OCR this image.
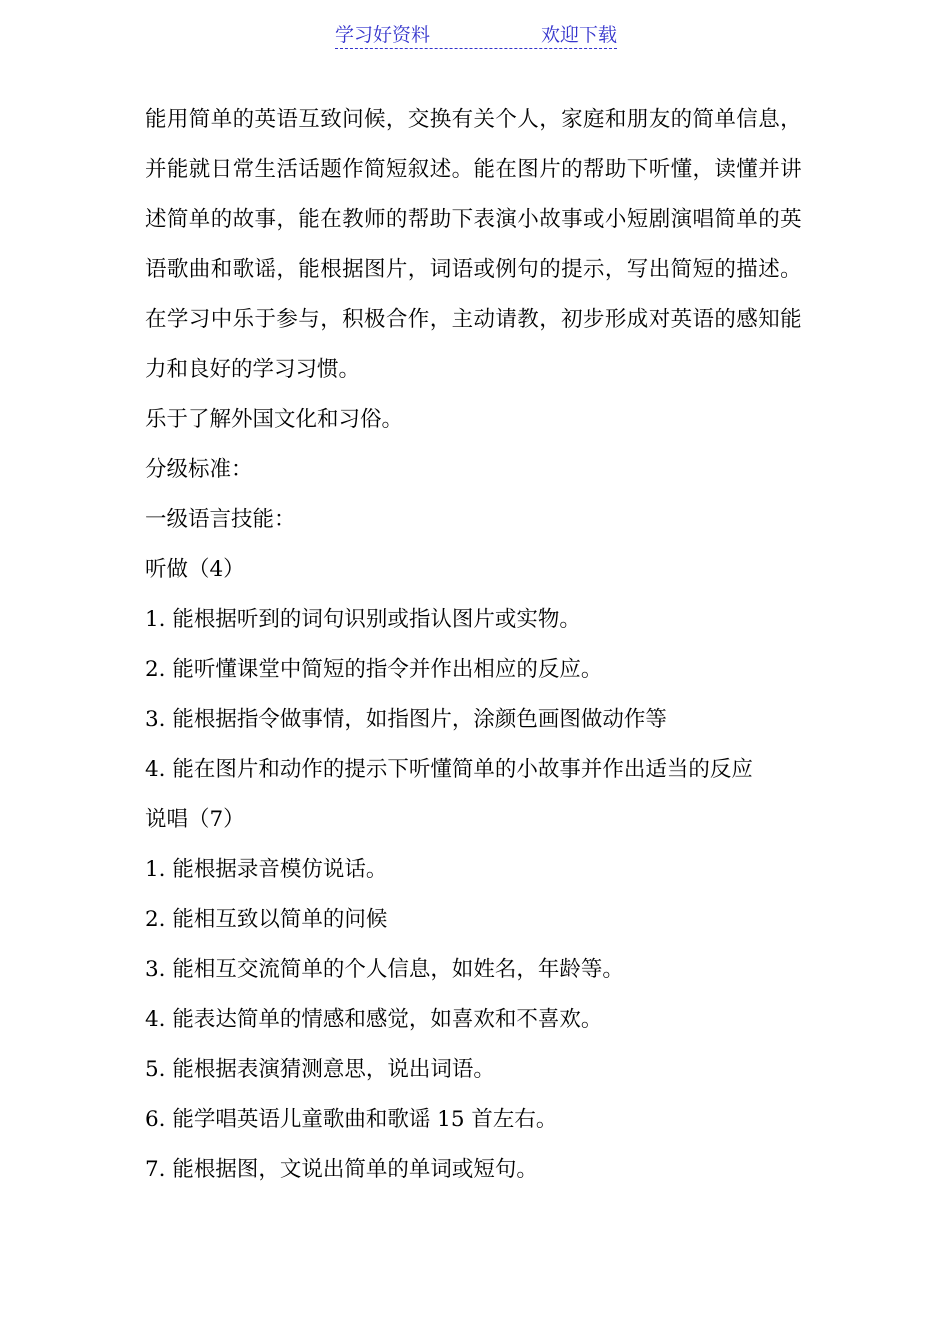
学习好资料	欢迎下载
能用简单的英语互致问候，交换有关个人，家庭和朋友的简单信息，
并能就日常生活话题作简短叙述。能在图片的帮助下听懂，读懂并讲
述简单的故事，能在教师的帮助下表演小故事或小短剧演唱简单的英
语歌曲和歌谣，能根据图片，词语或例句的提示，写出简短的描述。
在学习中乐于参与，积极合作，主动请教，初步形成对英语的感知能
力和良好的学习习惯。
乐于了解外国文化和习俗。
分级标准：
一级语言技能：
听做（4）
1. 能根据听到的词句识别或指认图片或实物。
2. 能听懂课堂中简短的指令并作出相应的反应。
3. 能根据指令做事情，如指图片，涂颜色画图做动作等
4. 能在图片和动作的提示下听懂简单的小故事并作出适当的反应
说唱（7）
1. 能根据录音模仿说话。
2. 能相互致以简单的问候
3. 能相互交流简单的个人信息，如姓名，年龄等。
4. 能表达简单的情感和感觉，如喜欢和不喜欢。
5. 能根据表演猜测意思，说出词语。
6. 能学唱英语儿童歌曲和歌谣 15 首左右。
7. 能根据图，文说出简单的单词或短句。
